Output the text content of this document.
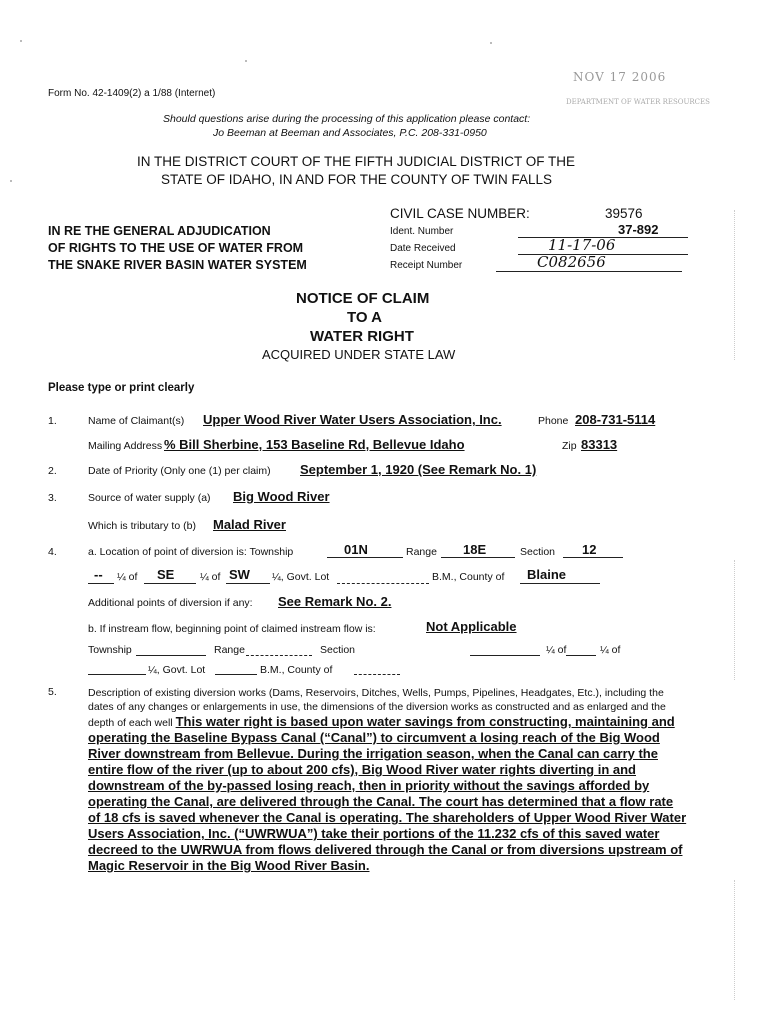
NOV 17 2006
DEPARTMENT OF WATER RESOURCES
Form No. 42-1409(2) a 1/88 (Internet)
Should questions arise during the processing of this application please contact:
Jo Beeman at Beeman and Associates, P.C. 208-331-0950
IN THE DISTRICT COURT OF THE FIFTH JUDICIAL DISTRICT OF THE
STATE OF IDAHO, IN AND FOR THE COUNTY OF TWIN FALLS
IN RE THE GENERAL ADJUDICATION
OF RIGHTS TO THE USE OF WATER FROM
THE SNAKE RIVER BASIN WATER SYSTEM
CIVIL CASE NUMBER:	39576
Ident. Number	37-892
Date Received	11-17-06
Receipt Number	C082656
NOTICE OF CLAIM
TO A
WATER RIGHT
ACQUIRED UNDER STATE LAW
Please type or print clearly
1.	Name of Claimant(s) Upper Wood River Water Users Association, Inc.	Phone 208-731-5114
Mailing Address % Bill Sherbine, 153 Baseline Rd, Bellevue Idaho	Zip 83313
2.	Date of Priority (Only one (1) per claim) September 1, 1920 (See Remark No. 1)
3.	Source of water supply (a) Big Wood River
Which is tributary to (b) Malad River
4.	a. Location of point of diversion is: Township	01N	Range 18E	Section 12
-- ¼ of SE ¼ of SW ¼, Govt. Lot	B.M., County of Blaine
Additional points of diversion if any: See Remark No. 2.
b. If instream flow, beginning point of claimed instream flow is:	Not Applicable
Township	Range	Section	¼ of	¼ of
¼, Govt. Lot	B.M., County of
5.	Description of existing diversion works (Dams, Reservoirs, Ditches, Wells, Pumps, Pipelines, Headgates, Etc.), including the dates of any changes or enlargements in use, the dimensions of the diversion works as constructed and as enlarged and the depth of each well This water right is based upon water savings from constructing, maintaining and operating the Baseline Bypass Canal (“Canal”) to circumvent a losing reach of the Big Wood River downstream from Bellevue. During the irrigation season, when the Canal can carry the entire flow of the river (up to about 200 cfs), Big Wood River water rights diverting in and downstream of the by-passed losing reach, then in priority without the savings afforded by operating the Canal, are delivered through the Canal. The court has determined that a flow rate of 18 cfs is saved whenever the Canal is operating. The shareholders of Upper Wood River Water Users Association, Inc. (“UWRWUA”) take their portions of the 11.232 cfs of this saved water decreed to the UWRWUA from flows delivered through the Canal or from diversions upstream of Magic Reservoir in the Big Wood River Basin.
